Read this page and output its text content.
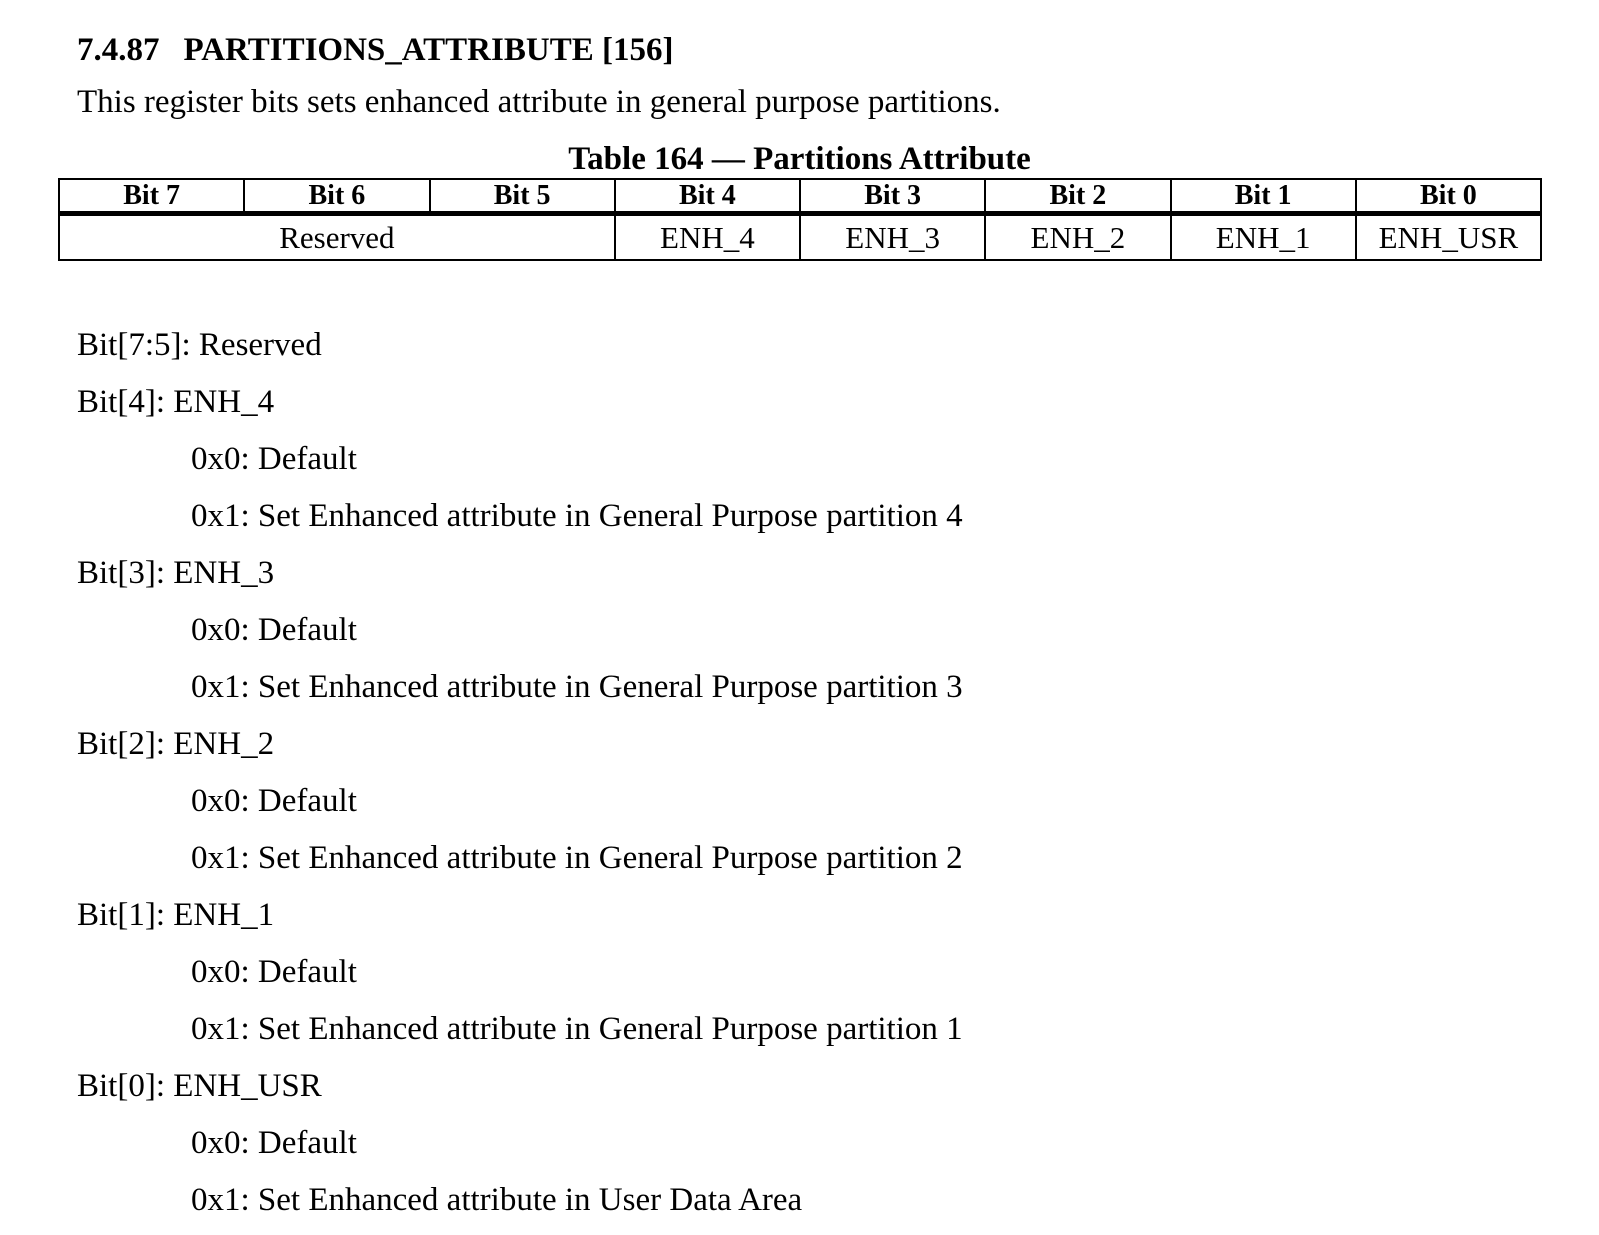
7.4.87 PARTITIONS_ATTRIBUTE [156]
This register bits sets enhanced attribute in general purpose partitions.
Table 164 — Partitions Attribute
Bit 7	Bit 6	Bit 5	Bit 4	Bit 3	Bit 2	Bit 1	Bit 0
Reserved			ENH_4	ENH_3	ENH_2	ENH_1	ENH_USR
Bit[7:5]: Reserved
Bit[4]: ENH_4
0x0: Default
0x1: Set Enhanced attribute in General Purpose partition 4
Bit[3]: ENH_3
0x0: Default
0x1: Set Enhanced attribute in General Purpose partition 3
Bit[2]: ENH_2
0x0: Default
0x1: Set Enhanced attribute in General Purpose partition 2
Bit[1]: ENH_1
0x0: Default
0x1: Set Enhanced attribute in General Purpose partition 1
Bit[0]: ENH_USR
0x0: Default
0x1: Set Enhanced attribute in User Data Area
